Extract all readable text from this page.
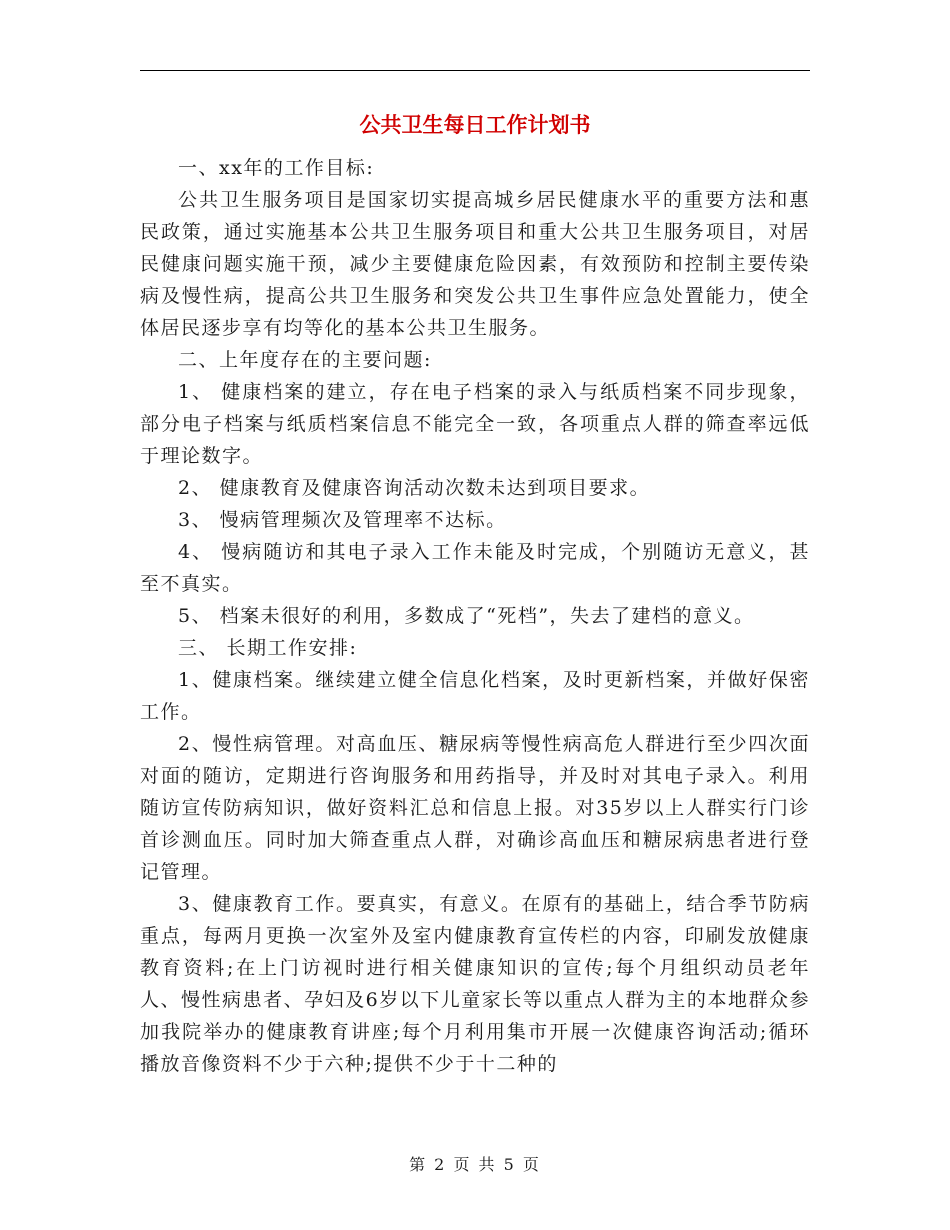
公共卫生每日工作计划书

一、xx年的工作目标:

公共卫生服务项目是国家切实提高城乡居民健康水平的重要方法和惠民政策，通过实施基本公共卫生服务项目和重大公共卫生服务项目，对居民健康问题实施干预，减少主要健康危险因素，有效预防和控制主要传染病及慢性病，提高公共卫生服务和突发公共卫生事件应急处置能力，使全体居民逐步享有均等化的基本公共卫生服务。

二、上年度存在的主要问题:

1、 健康档案的建立，存在电子档案的录入与纸质档案不同步现象，部分电子档案与纸质档案信息不能完全一致，各项重点人群的筛查率远低于理论数字。

2、 健康教育及健康咨询活动次数未达到项目要求。

3、 慢病管理频次及管理率不达标。

4、 慢病随访和其电子录入工作未能及时完成，个别随访无意义，甚至不真实。

5、 档案未很好的利用，多数成了“死档”，失去了建档的意义。

三、 长期工作安排:

1、健康档案。继续建立健全信息化档案，及时更新档案，并做好保密工作。

2、慢性病管理。对高血压、糖尿病等慢性病高危人群进行至少四次面对面的随访，定期进行咨询服务和用药指导，并及时对其电子录入。利用随访宣传防病知识，做好资料汇总和信息上报。对35岁以上人群实行门诊首诊测血压。同时加大筛查重点人群，对确诊高血压和糖尿病患者进行登记管理。

3、健康教育工作。要真实，有意义。在原有的基础上，结合季节防病重点，每两月更换一次室外及室内健康教育宣传栏的内容，印刷发放健康教育资料;在上门访视时进行相关健康知识的宣传;每个月组织动员老年人、慢性病患者、孕妇及6岁以下儿童家长等以重点人群为主的本地群众参加我院举办的健康教育讲座;每个月利用集市开展一次健康咨询活动;循环播放音像资料不少于六种;提供不少于十二种的

第 2 页 共 5 页
